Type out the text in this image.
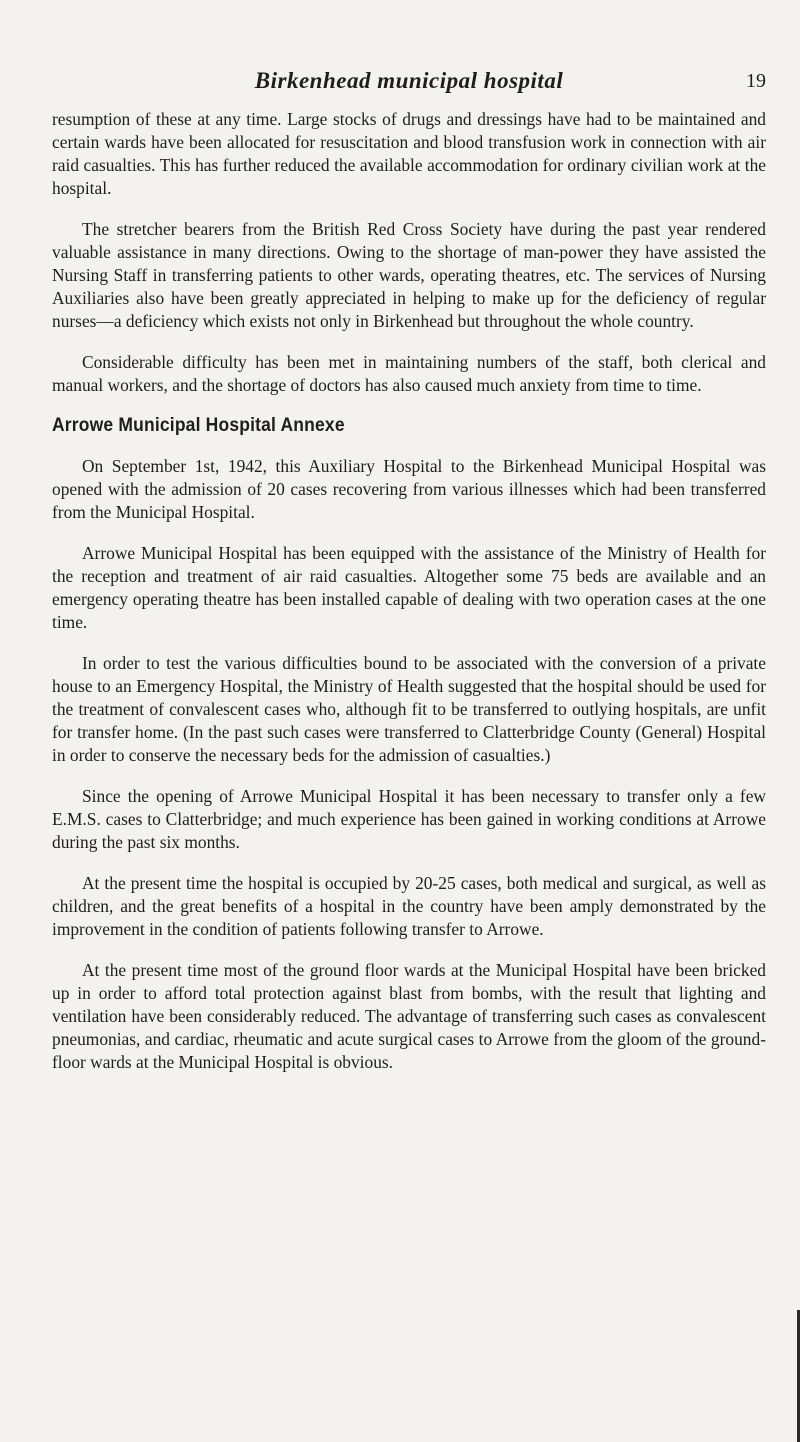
Birkenhead municipal hospital	19

resumption of these at any time. Large stocks of drugs and dressings have had to be maintained and certain wards have been allocated for resuscitation and blood transfusion work in connection with air raid casualties. This has further reduced the available accommodation for ordinary civilian work at the hospital.

The stretcher bearers from the British Red Cross Society have during the past year rendered valuable assistance in many directions. Owing to the shortage of man-power they have assisted the Nursing Staff in transferring patients to other wards, operating theatres, etc. The services of Nursing Auxiliaries also have been greatly appreciated in helping to make up for the deficiency of regular nurses—a deficiency which exists not only in Birkenhead but throughout the whole country.

Considerable difficulty has been met in maintaining numbers of the staff, both clerical and manual workers, and the shortage of doctors has also caused much anxiety from time to time.

Arrowe Municipal Hospital Annexe

On September 1st, 1942, this Auxiliary Hospital to the Birkenhead Municipal Hospital was opened with the admission of 20 cases recovering from various illnesses which had been transferred from the Municipal Hospital.

Arrowe Municipal Hospital has been equipped with the assistance of the Ministry of Health for the reception and treatment of air raid casualties. Altogether some 75 beds are available and an emergency operating theatre has been installed capable of dealing with two operation cases at the one time.

In order to test the various difficulties bound to be associated with the conversion of a private house to an Emergency Hospital, the Ministry of Health suggested that the hospital should be used for the treatment of convalescent cases who, although fit to be transferred to outlying hospitals, are unfit for transfer home. (In the past such cases were transferred to Clatterbridge County (General) Hospital in order to conserve the necessary beds for the admission of casualties.)

Since the opening of Arrowe Municipal Hospital it has been necessary to transfer only a few E.M.S. cases to Clatterbridge; and much experience has been gained in working conditions at Arrowe during the past six months.

At the present time the hospital is occupied by 20-25 cases, both medical and surgical, as well as children, and the great benefits of a hospital in the country have been amply demonstrated by the improvement in the condition of patients following transfer to Arrowe.

At the present time most of the ground floor wards at the Municipal Hospital have been bricked up in order to afford total protection against blast from bombs, with the result that lighting and ventilation have been considerably reduced. The advantage of transferring such cases as convalescent pneumonias, and cardiac, rheumatic and acute surgical cases to Arrowe from the gloom of the ground-floor wards at the Municipal Hospital is obvious.
